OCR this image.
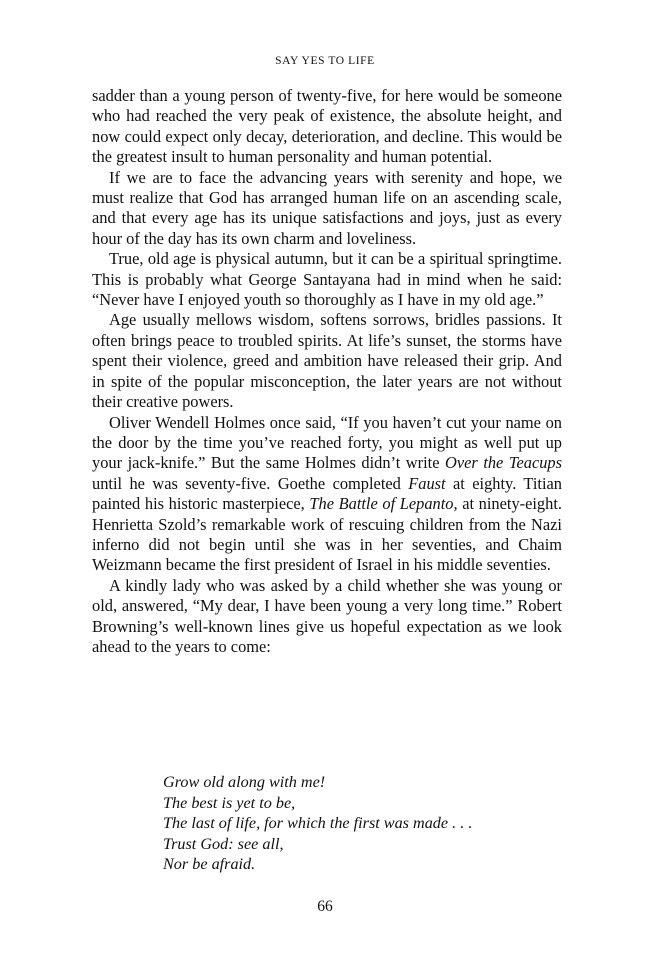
SAY YES TO LIFE

sadder than a young person of twenty-five, for here would be someone who had reached the very peak of existence, the absolute height, and now could expect only decay, deterioration, and decline. This would be the greatest insult to human personality and human potential.

If we are to face the advancing years with serenity and hope, we must realize that God has arranged human life on an ascending scale, and that every age has its unique satisfactions and joys, just as every hour of the day has its own charm and loveliness.

True, old age is physical autumn, but it can be a spiritual springtime. This is probably what George Santayana had in mind when he said: “Never have I enjoyed youth so thoroughly as I have in my old age.”

Age usually mellows wisdom, softens sorrows, bridles passions. It often brings peace to troubled spirits. At life’s sunset, the storms have spent their violence, greed and ambition have released their grip. And in spite of the popular misconception, the later years are not without their creative powers.

Oliver Wendell Holmes once said, “If you haven’t cut your name on the door by the time you’ve reached forty, you might as well put up your jack-knife.” But the same Holmes didn’t write Over the Teacups until he was seventy-five. Goethe completed Faust at eighty. Titian painted his historic masterpiece, The Battle of Lepanto, at ninety-eight. Henrietta Szold’s remarkable work of rescuing children from the Nazi inferno did not begin until she was in her seventies, and Chaim Weizmann became the first president of Israel in his middle seventies.

A kindly lady who was asked by a child whether she was young or old, answered, “My dear, I have been young a very long time.” Robert Browning’s well-known lines give us hopeful expectation as we look ahead to the years to come:

Grow old along with me!
The best is yet to be,
The last of life, for which the first was made . . .
Trust God: see all,
Nor be afraid.
66
